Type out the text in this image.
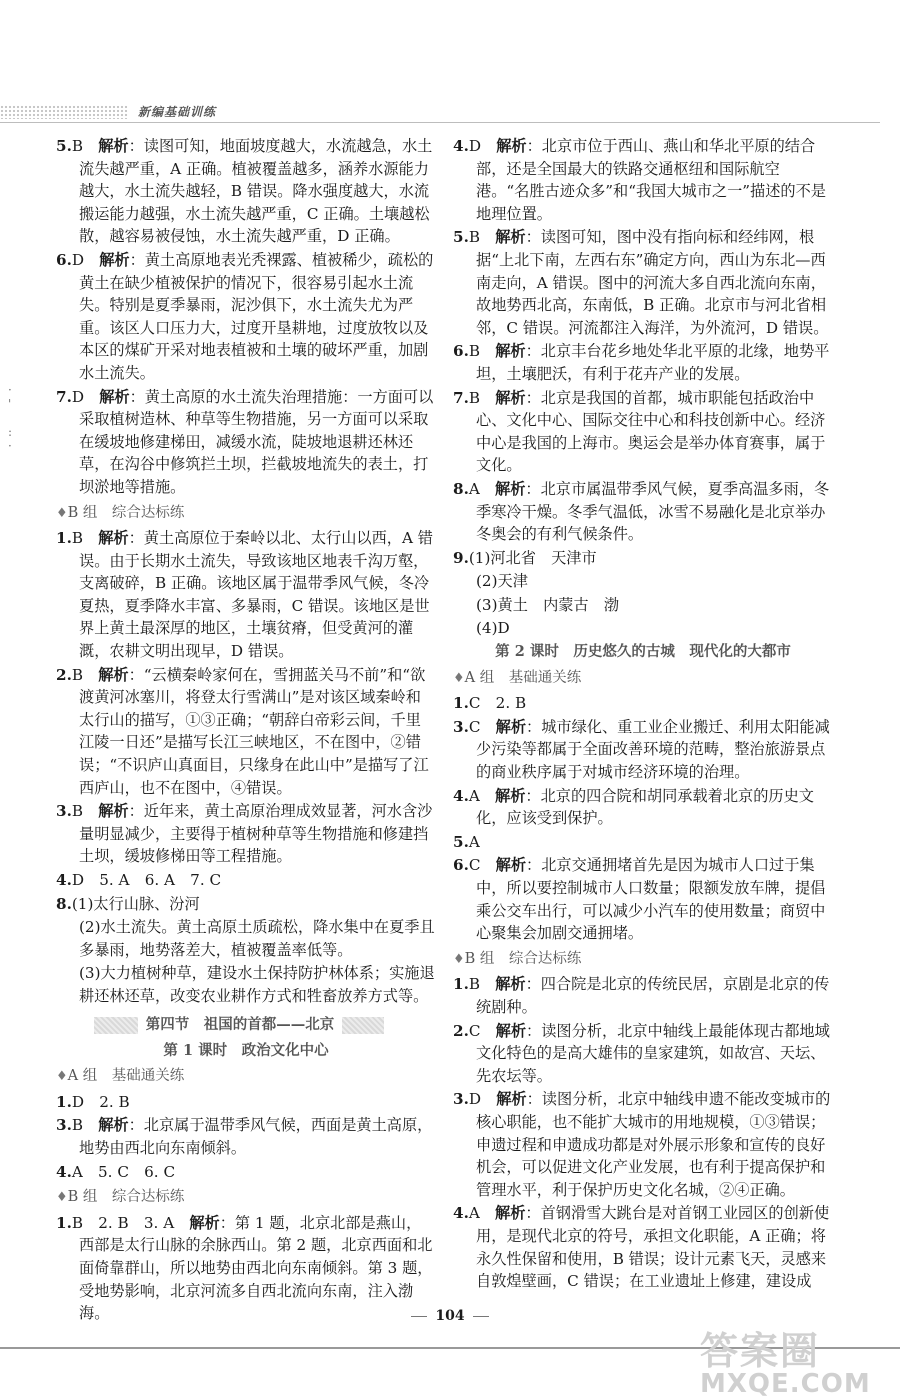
新编基础训练
·
'

:
·
5.B　解析：读图可知，地面坡度越大，水流越急，水土流失越严重，A 正确。植被覆盖越多，涵养水源能力越大，水土流失越轻，B 错误。降水强度越大，水流搬运能力越强，水土流失越严重，C 正确。土壤越松散，越容易被侵蚀，水土流失越严重，D 正确。
6.D　解析：黄土高原地表光秃裸露、植被稀少，疏松的黄土在缺少植被保护的情况下，很容易引起水土流失。特别是夏季暴雨，泥沙俱下，水土流失尤为严重。该区人口压力大，过度开垦耕地，过度放牧以及本区的煤矿开采对地表植被和土壤的破坏严重，加剧水土流失。
7.D　解析：黄土高原的水土流失治理措施：一方面可以采取植树造林、种草等生物措施，另一方面可以采取在缓坡地修建梯田，减缓水流，陡坡地退耕还林还草，在沟谷中修筑拦土坝，拦截坡地流失的表土，打坝淤地等措施。
♦B 组　综合达标练
1.B　解析：黄土高原位于秦岭以北、太行山以西，A 错误。由于长期水土流失，导致该地区地表千沟万壑，支离破碎，B 正确。该地区属于温带季风气候，冬冷夏热，夏季降水丰富、多暴雨，C 错误。该地区是世界上黄土最深厚的地区，土壤贫瘠，但受黄河的灌溉，农耕文明出现早，D 错误。
2.B　解析：“云横秦岭家何在，雪拥蓝关马不前”和“欲渡黄河冰塞川，将登太行雪满山”是对该区域秦岭和太行山的描写，①③正确；“朝辞白帝彩云间，千里江陵一日还”是描写长江三峡地区，不在图中，②错误；“不识庐山真面目，只缘身在此山中”是描写了江西庐山，也不在图中，④错误。
3.B　解析：近年来，黄土高原治理成效显著，河水含沙量明显减少，主要得于植树种草等生物措施和修建挡土坝，缓坡修梯田等工程措施。
4.D　5. A　6. A　7. C
8.(1)太行山脉、汾河
(2)水土流失。黄土高原土质疏松，降水集中在夏季且多暴雨，地势落差大，植被覆盖率低等。
(3)大力植树种草，建设水土保持防护林体系；实施退耕还林还草，改变农业耕作方式和牲畜放养方式等。
第四节　祖国的首都——北京
第 1 课时　政治文化中心
♦A 组　基础通关练
1.D　2. B
3.B　解析：北京属于温带季风气候，西面是黄土高原，地势由西北向东南倾斜。
4.A　5. C　6. C
♦B 组　综合达标练
1.B　2. B　3. A　解析：第 1 题，北京北部是燕山，西部是太行山脉的余脉西山。第 2 题，北京西面和北面倚靠群山，所以地势由西北向东南倾斜。第 3 题，受地势影响，北京河流多自西北流向东南，注入渤海。
4.D　解析：北京市位于西山、燕山和华北平原的结合部，还是全国最大的铁路交通枢纽和国际航空港。“名胜古迹众多”和“我国大城市之一”描述的不是地理位置。
5.B　解析：读图可知，图中没有指向标和经纬网，根据“上北下南，左西右东”确定方向，西山为东北—西南走向，A 错误。图中的河流大多自西北流向东南，故地势西北高，东南低，B 正确。北京市与河北省相邻，C 错误。河流都注入海洋，为外流河，D 错误。
6.B　解析：北京丰台花乡地处华北平原的北缘，地势平坦，土壤肥沃，有利于花卉产业的发展。
7.B　解析：北京是我国的首都，城市职能包括政治中心、文化中心、国际交往中心和科技创新中心。经济中心是我国的上海市。奥运会是举办体育赛事，属于文化。
8.A　解析：北京市属温带季风气候，夏季高温多雨，冬季寒冷干燥。冬季气温低，冰雪不易融化是北京举办冬奥会的有利气候条件。
9.(1)河北省　天津市
(2)天津
(3)黄土　内蒙古　渤
(4)D
第 2 课时　历史悠久的古城　现代化的大都市
♦A 组　基础通关练
1.C　2. B
3.C　解析：城市绿化、重工业企业搬迁、利用太阳能减少污染等都属于全面改善环境的范畴，整治旅游景点的商业秩序属于对城市经济环境的治理。
4.A　解析：北京的四合院和胡同承载着北京的历史文化，应该受到保护。
5.A
6.C　解析：北京交通拥堵首先是因为城市人口过于集中，所以要控制城市人口数量；限额发放车牌，提倡乘公交车出行，可以减少小汽车的使用数量；商贸中心聚集会加剧交通拥堵。
♦B 组　综合达标练
1.B　解析：四合院是北京的传统民居，京剧是北京的传统剧种。
2.C　解析：读图分析，北京中轴线上最能体现古都地域文化特色的是高大雄伟的皇家建筑，如故宫、天坛、先农坛等。
3.D　解析：读图分析，北京中轴线申遗不能改变城市的核心职能，也不能扩大城市的用地规模，①③错误；申遗过程和申遗成功都是对外展示形象和宣传的良好机会，可以促进文化产业发展，也有利于提高保护和管理水平，利于保护历史文化名城，②④正确。
4.A　解析：首钢滑雪大跳台是对首钢工业园区的创新使用，是现代北京的符号，承担文化职能，A 正确；将永久性保留和使用，B 错误；设计元素飞天，灵感来自敦煌壁画，C 错误；在工业遗址上修建，建设成
104
答案圈
MXQE.COM
